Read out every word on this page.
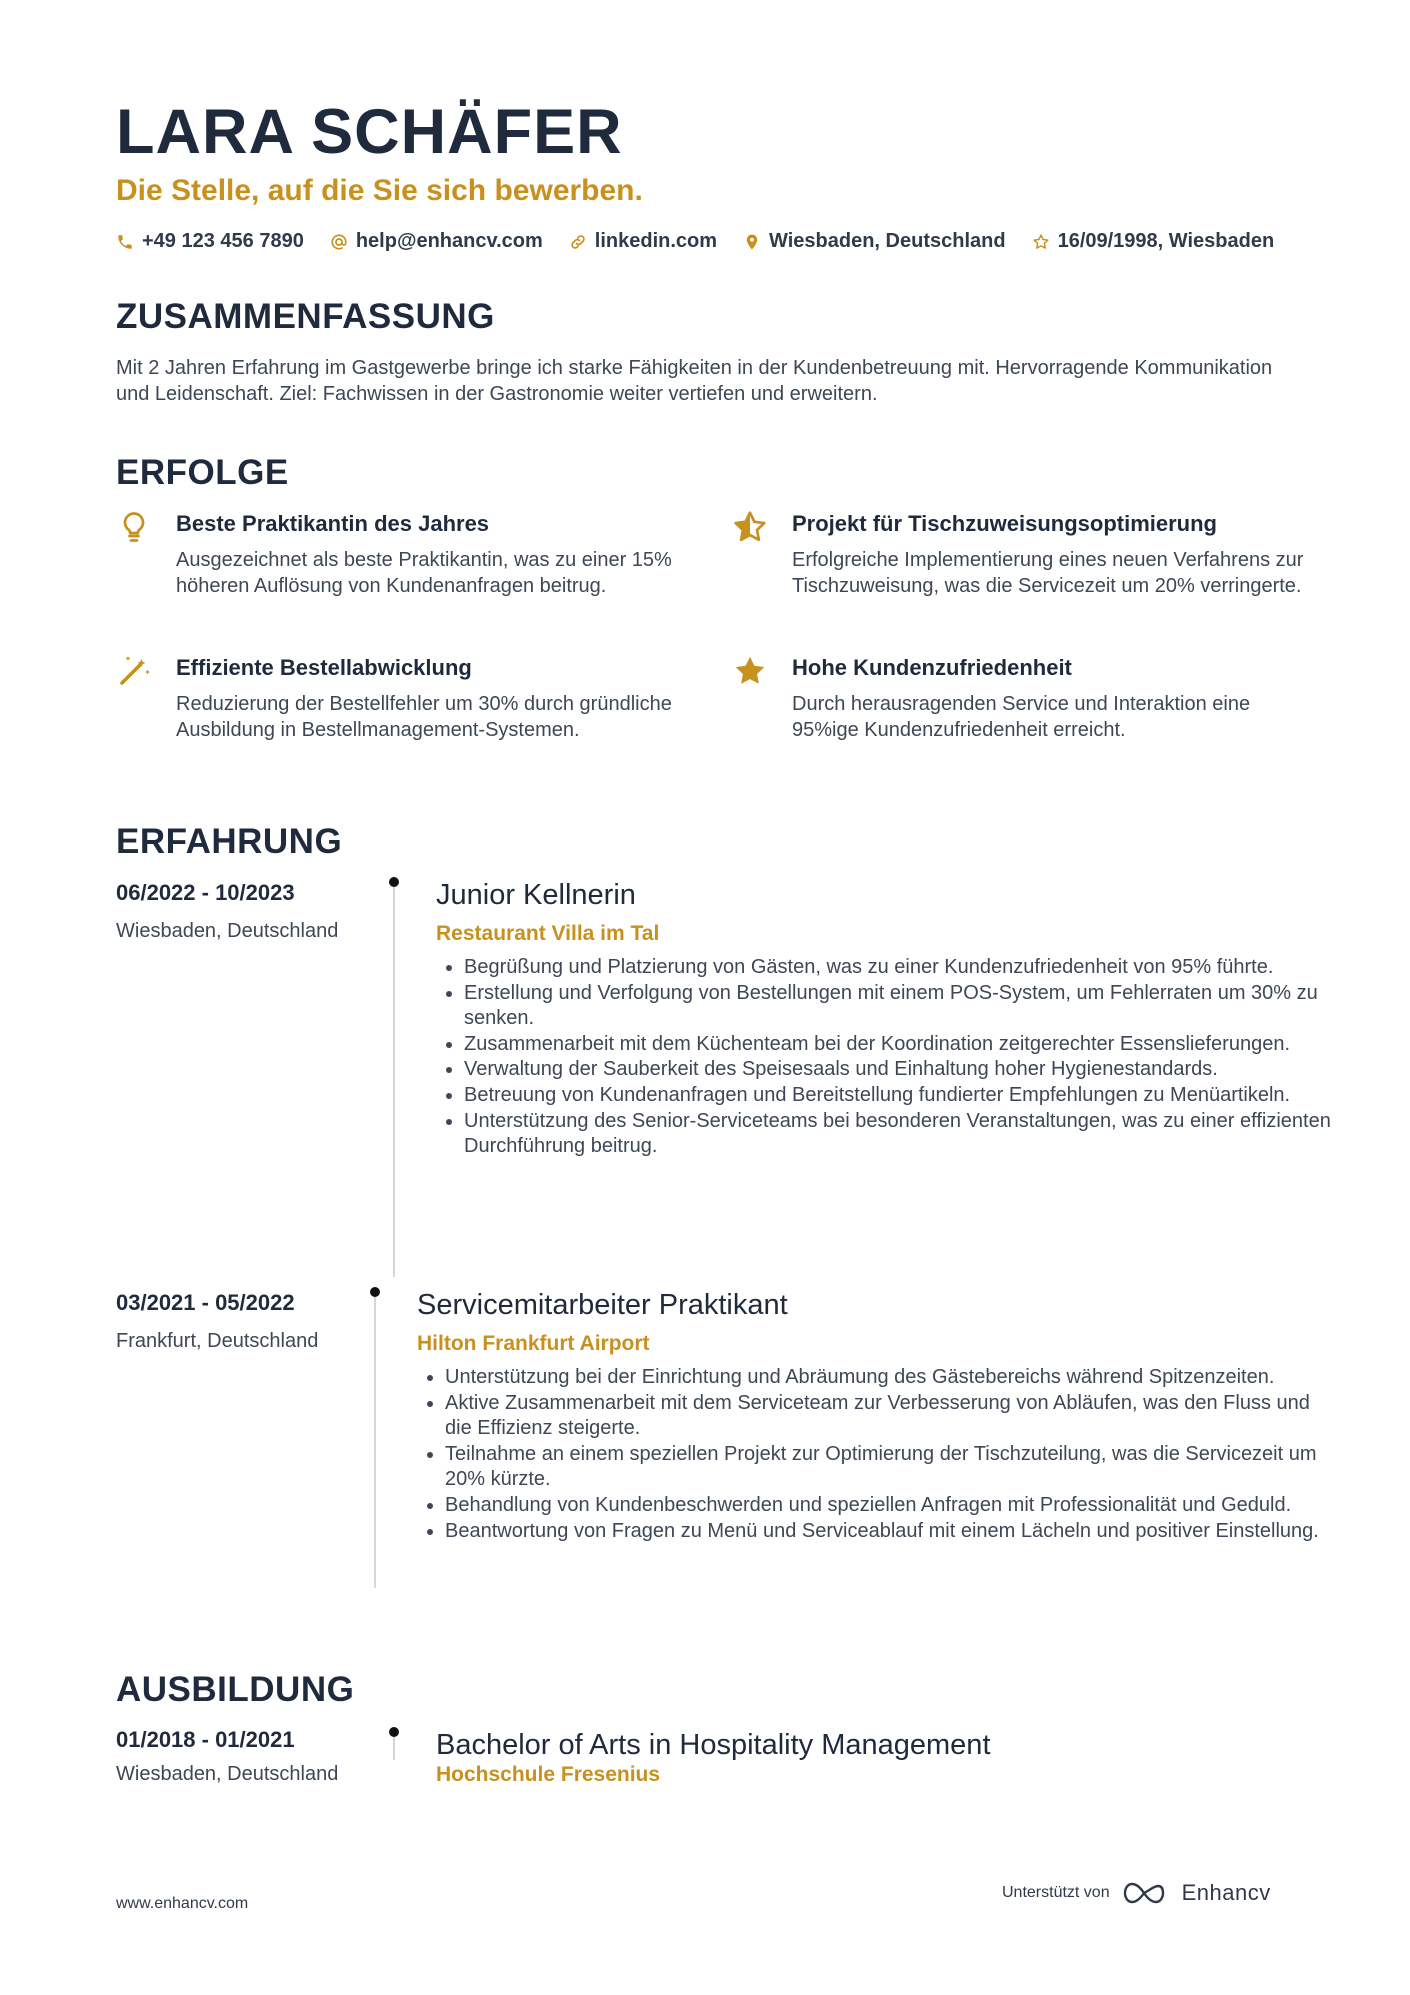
LARA SCHÄFER
Die Stelle, auf die Sie sich bewerben.
+49 123 456 7890	help@enhancv.com	linkedin.com	Wiesbaden, Deutschland	16/09/1998, Wiesbaden
ZUSAMMENFASSUNG

Mit 2 Jahren Erfahrung im Gastgewerbe bringe ich starke Fähigkeiten in der Kundenbetreuung mit. Hervorragende Kommunikation und Leidenschaft. Ziel: Fachwissen in der Gastronomie weiter vertiefen und erweitern.

ERFOLGE
Beste Praktikantin des Jahres
Ausgezeichnet als beste Praktikantin, was zu einer 15% höheren Auflösung von Kundenanfragen beitrug.
Projekt für Tischzuweisungsoptimierung
Erfolgreiche Implementierung eines neuen Verfahrens zur Tischzuweisung, was die Servicezeit um 20% verringerte.
Effiziente Bestellabwicklung
Reduzierung der Bestellfehler um 30% durch gründliche Ausbildung in Bestellmanagement-Systemen.
Hohe Kundenzufriedenheit
Durch herausragenden Service und Interaktion eine 95%ige Kundenzufriedenheit erreicht.
ERFAHRUNG
06/2022 - 10/2023
Wiesbaden, Deutschland
Junior Kellnerin
Restaurant Villa im Tal
• Begrüßung und Platzierung von Gästen, was zu einer Kundenzufriedenheit von 95% führte.
• Erstellung und Verfolgung von Bestellungen mit einem POS-System, um Fehlerraten um 30% zu senken.
• Zusammenarbeit mit dem Küchenteam bei der Koordination zeitgerechter Essenslieferungen.
• Verwaltung der Sauberkeit des Speisesaals und Einhaltung hoher Hygienestandards.
• Betreuung von Kundenanfragen und Bereitstellung fundierter Empfehlungen zu Menüartikeln.
• Unterstützung des Senior-Serviceteams bei besonderen Veranstaltungen, was zu einer effizienten Durchführung beitrug.
03/2021 - 05/2022
Frankfurt, Deutschland
Servicemitarbeiter Praktikant
Hilton Frankfurt Airport
• Unterstützung bei der Einrichtung und Abräumung des Gästebereichs während Spitzenzeiten.
• Aktive Zusammenarbeit mit dem Serviceteam zur Verbesserung von Abläufen, was den Fluss und die Effizienz steigerte.
• Teilnahme an einem speziellen Projekt zur Optimierung der Tischzuteilung, was die Servicezeit um 20% kürzte.
• Behandlung von Kundenbeschwerden und speziellen Anfragen mit Professionalität und Geduld.
• Beantwortung von Fragen zu Menü und Serviceablauf mit einem Lächeln und positiver Einstellung.
AUSBILDUNG
01/2018 - 01/2021
Wiesbaden, Deutschland
Bachelor of Arts in Hospitality Management
Hochschule Fresenius
www.enhancv.com
Unterstützt von	Enhancv
